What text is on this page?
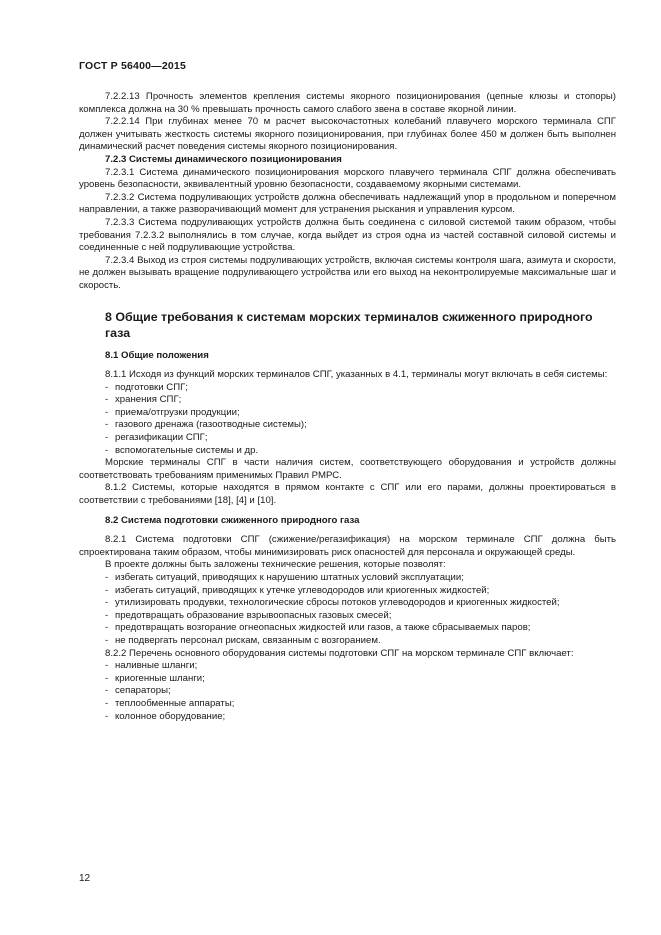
ГОСТ Р 56400—2015
7.2.2.13 Прочность элементов крепления системы якорного позиционирования (цепные клюзы и стопоры) комплекса должна на 30 % превышать прочность самого слабого звена в составе якорной линии.
7.2.2.14 При глубинах менее 70 м расчет высокочастотных колебаний плавучего морского терминала СПГ должен учитывать жесткость системы якорного позиционирования, при глубинах более 450 м должен быть выполнен динамический расчет поведения системы якорного позиционирования.
7.2.3 Системы динамического позиционирования
7.2.3.1 Система динамического позиционирования морского плавучего терминала СПГ должна обеспечивать уровень безопасности, эквивалентный уровню безопасности, создаваемому якорными системами.
7.2.3.2 Система подруливающих устройств должна обеспечивать надлежащий упор в продольном и поперечном направлении, а также разворачивающий момент для устранения рыскания и управления курсом.
7.2.3.3 Система подруливающих устройств должна быть соединена с силовой системой таким образом, чтобы требования 7.2.3.2 выполнялись в том случае, когда выйдет из строя одна из частей составной силовой системы и соединенные с ней подруливающие устройства.
7.2.3.4 Выход из строя системы подруливающих устройств, включая системы контроля шага, азимута и скорости, не должен вызывать вращение подруливающего устройства или его выход на неконтролируемые максимальные шаг и скорость.
8 Общие требования к системам морских терминалов сжиженного природного газа
8.1 Общие положения
8.1.1 Исходя из функций морских терминалов СПГ, указанных в 4.1, терминалы могут включать в себя системы:
- подготовки СПГ;
- хранения СПГ;
- приема/отгрузки продукции;
- газового дренажа (газоотводные системы);
- регазификации СПГ;
- вспомогательные системы и др.
Морские терминалы СПГ в части наличия систем, соответствующего оборудования и устройств должны соответствовать требованиям применимых Правил РМРС.
8.1.2 Системы, которые находятся в прямом контакте с СПГ или его парами, должны проектироваться в соответствии с требованиями [18], [4] и [10].
8.2 Система подготовки сжиженного природного газа
8.2.1 Система подготовки СПГ (сжижение/регазификация) на морском терминале СПГ должна быть спроектирована таким образом, чтобы минимизировать риск опасностей для персонала и окружающей среды.
В проекте должны быть заложены технические решения, которые позволят:
- избегать ситуаций, приводящих к нарушению штатных условий эксплуатации;
- избегать ситуаций, приводящих к утечке углеводородов или криогенных жидкостей;
- утилизировать продувки, технологические сбросы потоков углеводородов и криогенных жидкостей;
- предотвращать образование взрывоопасных газовых смесей;
- предотвращать возгорание огнеопасных жидкостей или газов, а также сбрасываемых паров;
- не подвергать персонал рискам, связанным с возгоранием.
8.2.2 Перечень основного оборудования системы подготовки СПГ на морском терминале СПГ включает:
- наливные шланги;
- криогенные шланги;
- сепараторы;
- теплообменные аппараты;
- колонное оборудование;
12
